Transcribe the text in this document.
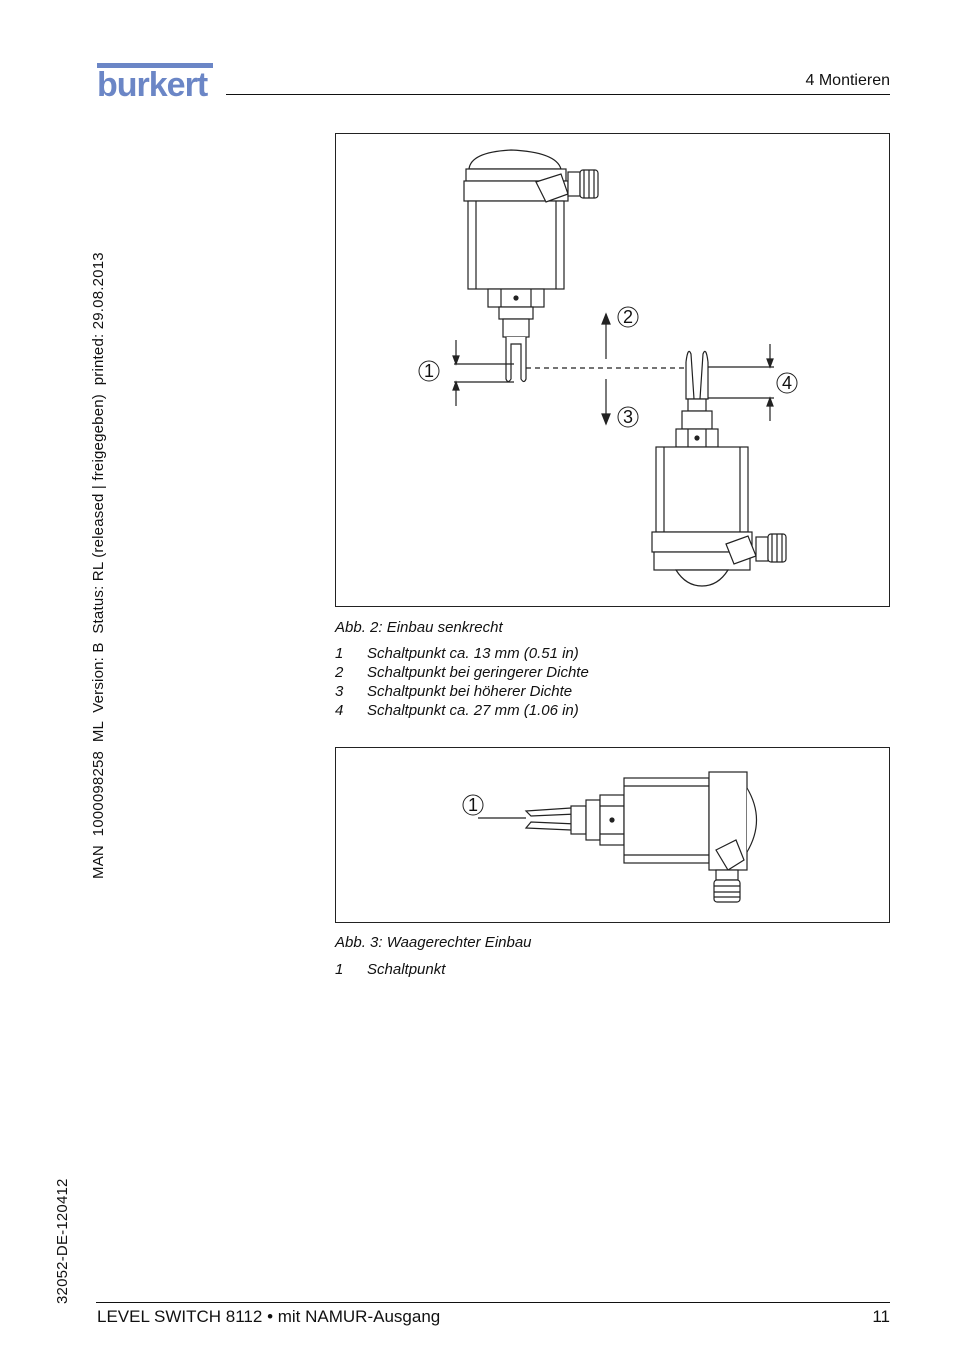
burkert	4 Montieren
MAN  1000098258  ML  Version: B  Status: RL (released | freigegeben)  printed: 29.08.2013
32052-DE-120412
1
2
3
4
Abb. 2: Einbau senkrecht
1	Schaltpunkt ca. 13 mm (0.51 in)
2	Schaltpunkt bei geringerer Dichte
3	Schaltpunkt bei höherer Dichte
4	Schaltpunkt ca. 27 mm (1.06 in)
1
Abb. 3: Waagerechter Einbau
1	Schaltpunkt
LEVEL SWITCH 8112 • mit NAMUR-Ausgang	11
